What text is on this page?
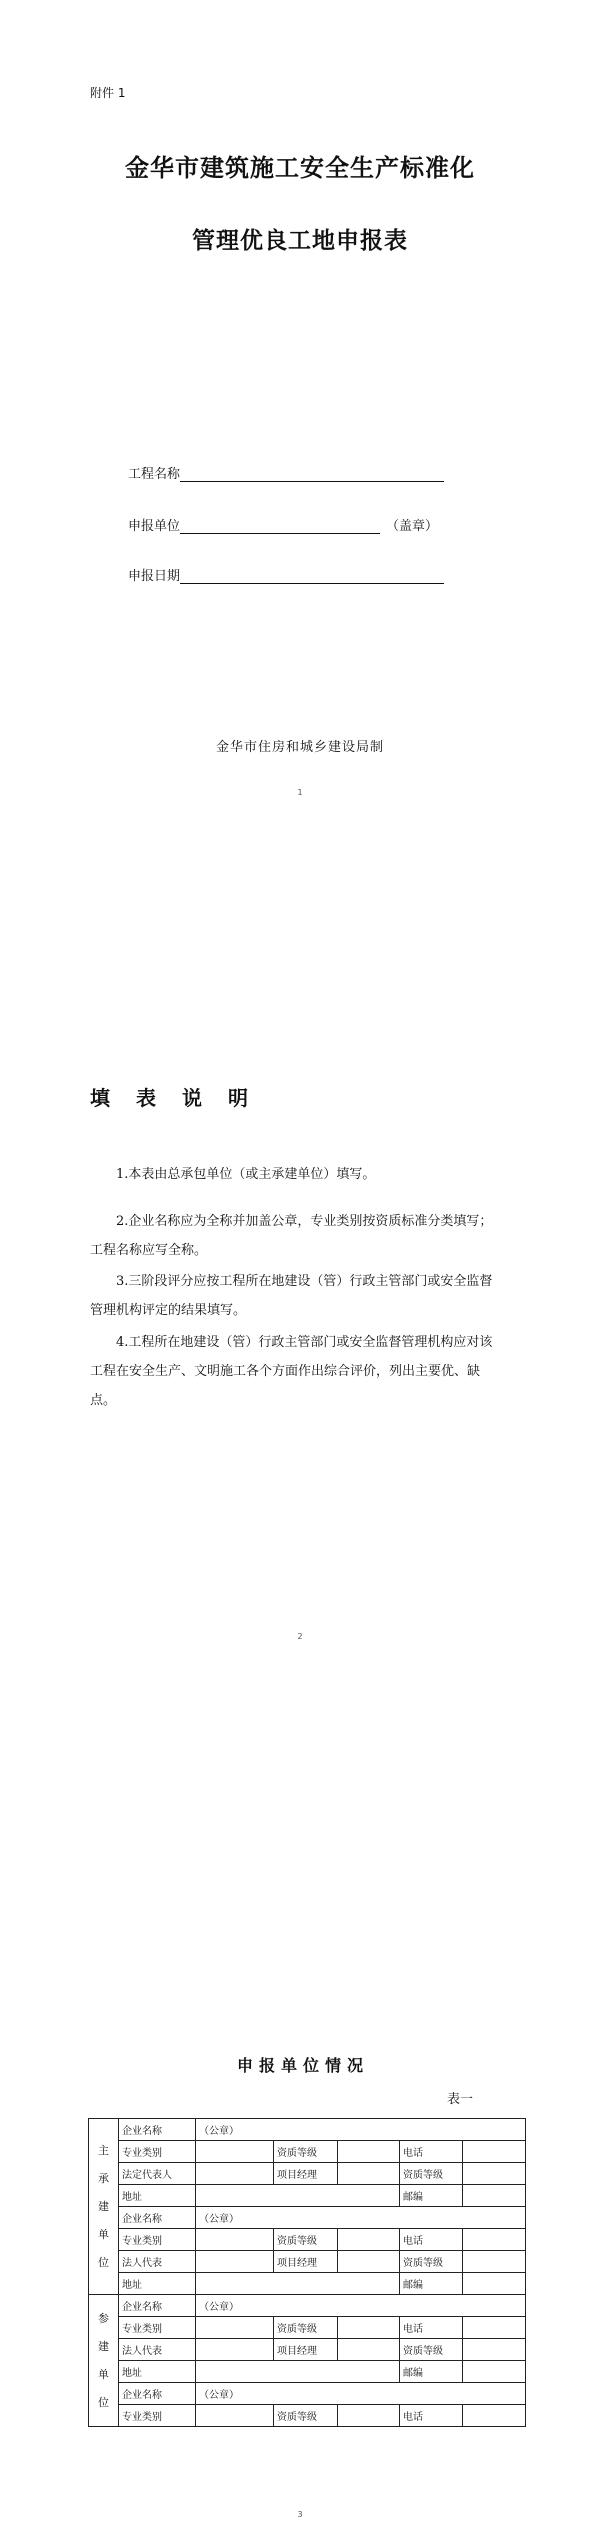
附件 1
金华市建筑施工安全生产标准化
管理优良工地申报表
工程名称
申报单位	（盖章）
申报日期
金华市住房和城乡建设局制
1
填 表 说 明
1.本表由总承包单位（或主承建单位）填写。
2.企业名称应为全称并加盖公章，专业类别按资质标准分类填写；工程名称应写全称。
3.三阶段评分应按工程所在地建设（管）行政主管部门或安全监督管理机构评定的结果填写。
4.工程所在地建设（管）行政主管部门或安全监督管理机构应对该工程在安全生产、文明施工各个方面作出综合评价，列出主要优、缺点。
2
申 报 单 位 情 况
表一
主
承
建
单
位	企业名称	（公章）				
	专业类别		资质等级		电话	
	法定代表人		项目经理		资质等级	
	地址				邮编	
	企业名称	（公章）				
	专业类别		资质等级		电话	
	法人代表		项目经理		资质等级	
	地址				邮编	

参
建
单
位	企业名称	（公章）				
	专业类别		资质等级		电话	
	法人代表		项目经理		资质等级	
	地址				邮编	
	企业名称	（公章）				
	专业类别		资质等级		电话	
3
